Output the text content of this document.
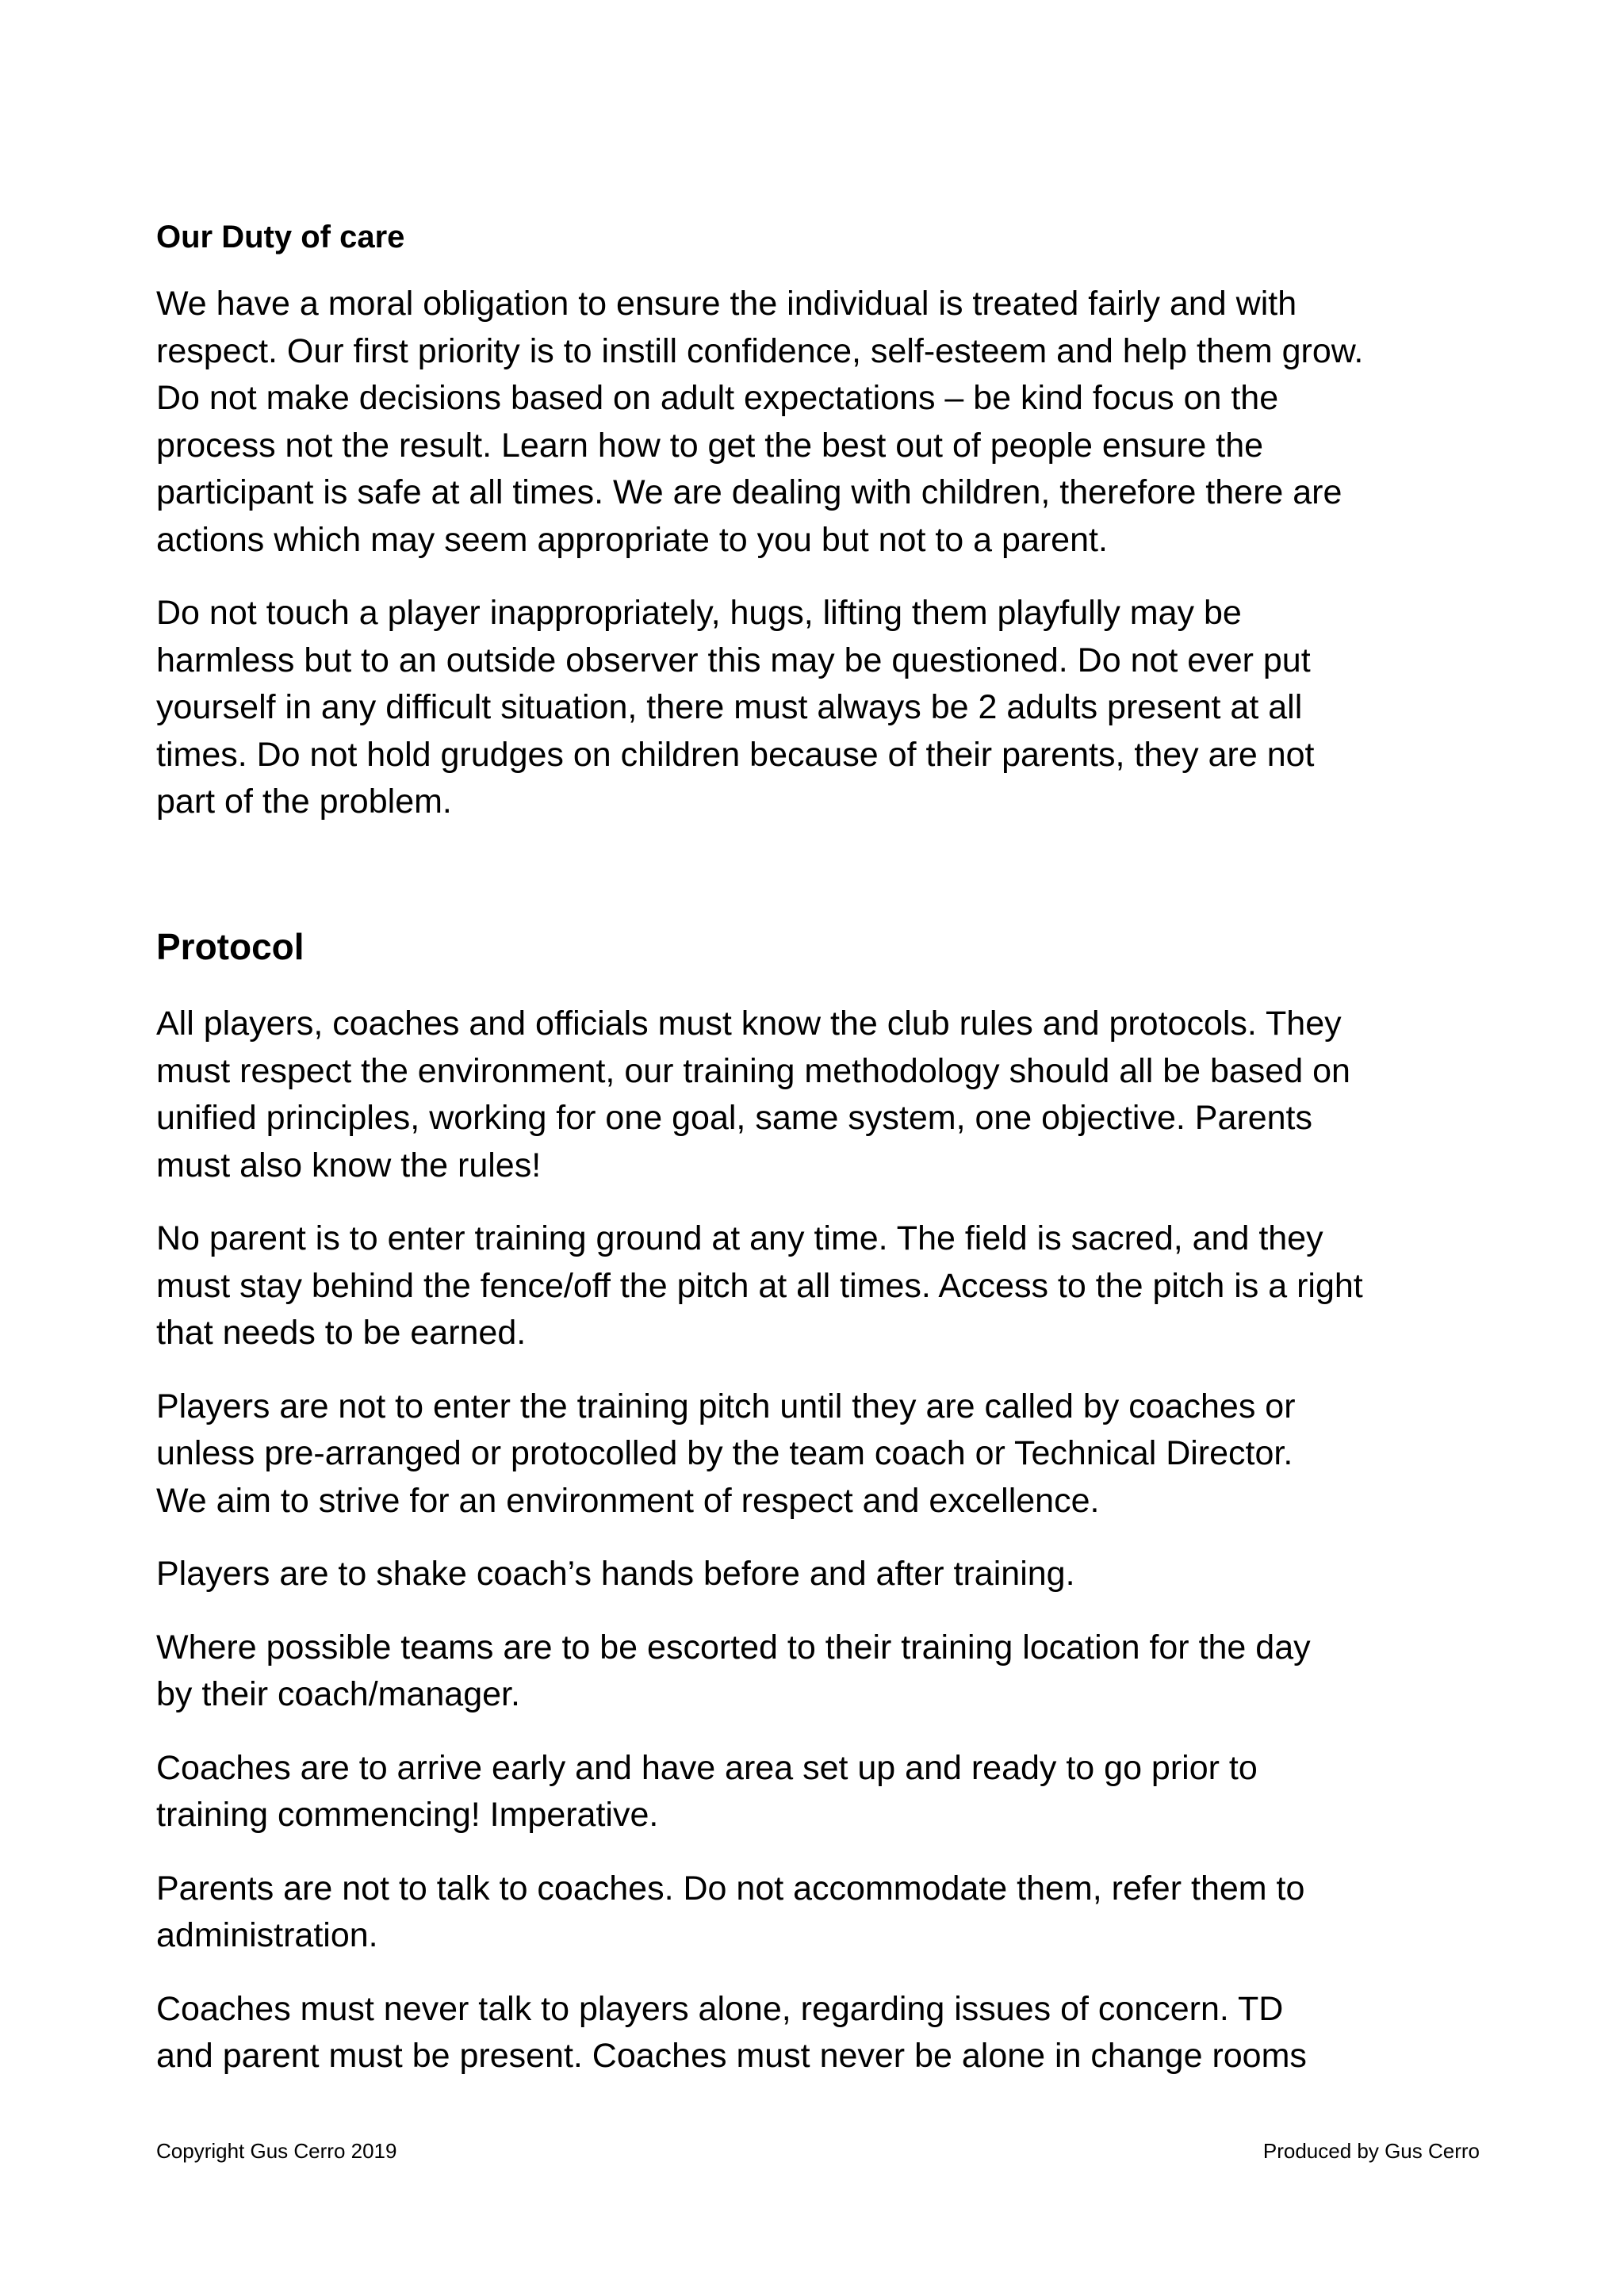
Our Duty of care
We have a moral obligation to ensure the individual is treated fairly and with
respect. Our first priority is to instill confidence, self-esteem and help them grow.
Do not make decisions based on adult expectations – be kind focus on the
process not the result. Learn how to get the best out of people ensure the
participant is safe at all times. We are dealing with children, therefore there are
actions which may seem appropriate to you but not to a parent.
Do not touch a player inappropriately, hugs, lifting them playfully may be
harmless but to an outside observer this may be questioned. Do not ever put
yourself in any difficult situation, there must always be 2 adults present at all
times. Do not hold grudges on children because of their parents, they are not
part of the problem.
Protocol
All players, coaches and officials must know the club rules and protocols. They
must respect the environment, our training methodology should all be based on
unified principles, working for one goal, same system, one objective. Parents
must also know the rules!
No parent is to enter training ground at any time. The field is sacred, and they
must stay behind the fence/off the pitch at all times. Access to the pitch is a right
that needs to be earned.
Players are not to enter the training pitch until they are called by coaches or
unless pre-arranged or protocolled by the team coach or Technical Director.
We aim to strive for an environment of respect and excellence.
Players are to shake coach’s hands before and after training.
Where possible teams are to be escorted to their training location for the day
by their coach/manager.
Coaches are to arrive early and have area set up and ready to go prior to
training commencing! Imperative.
Parents are not to talk to coaches. Do not accommodate them, refer them to
administration.
Coaches must never talk to players alone, regarding issues of concern. TD
and parent must be present. Coaches must never be alone in change rooms
Copyright Gus Cerro 2019	Produced by Gus Cerro
